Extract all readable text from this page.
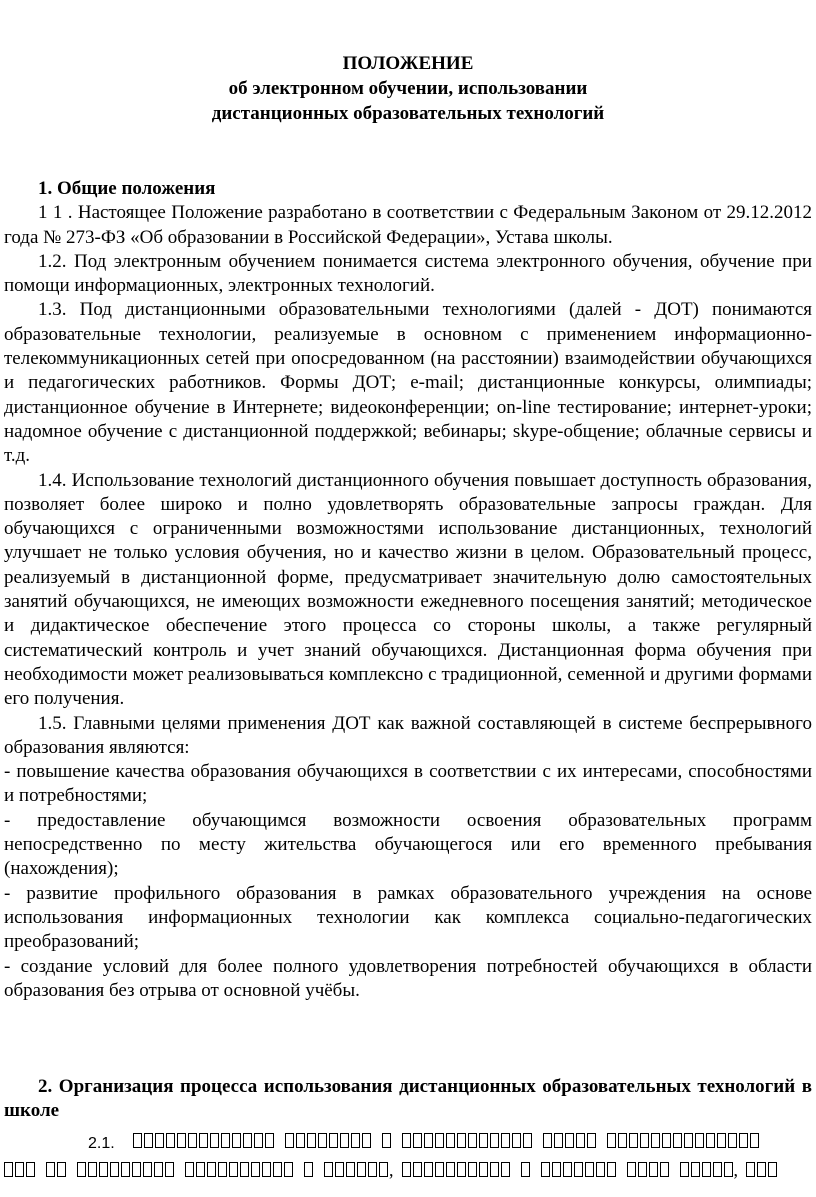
ПОЛОЖЕНИЕ
об электронном обучении, использовании
дистанционных образовательных технологий

1. Общие положения

1 1 . Настоящее Положение разработано в соответствии с Федеральным Законом от 29.12.2012 года № 273-ФЗ «Об образовании в Российской Федерации», Устава школы.

1.2. Под электронным обучением понимается система электронного обучения, обучение при помощи информационных, электронных технологий.

1.3. Под дистанционными образовательными технологиями (далей - ДОТ) понимаются образовательные технологии, реализуемые в основном с применением информационно-телекоммуникационных сетей при опосредованном (на расстоянии) взаимодействии обучающихся и педагогических работников. Формы ДОТ; e-mail; дистанционные конкурсы, олимпиады; дистанционное обучение в Интернете; видеоконференции; on-line тестирование; интернет-уроки; надомное обучение с дистанционной поддержкой; вебинары; skype-общение; облачные сервисы и т.д.

1.4. Использование технологий дистанционного обучения повышает доступность образования, позволяет более широко и полно удовлетворять образовательные запросы граждан. Для обучающихся с ограниченными возможностями использование дистанционных, технологий улучшает не только условия обучения, но и качество жизни в целом. Образовательный процесс, реализуемый в дистанционной форме, предусматривает значительную долю самостоятельных занятий обучающихся, не имеющих возможности ежедневного посещения занятий; методическое и дидактическое обеспечение этого процесса со стороны школы, а также регулярный систематический контроль и учет знаний обучающихся. Дистанционная форма обучения при необходимости может реализовываться комплексно с традиционной, семенной и другими формами его получения.

1.5. Главными целями применения ДОТ как важной составляющей в системе беспрерывного образования являются:

- повышение качества образования обучающихся в соответствии с их интересами, способностями и потребностями;

- предоставление обучающимся возможности освоения образовательных программ непосредственно по месту жительства обучающегося или его временного пребывания (нахождения);

- развитие профильного образования в рамках образовательного учреждения на основе использования информационных технологии как комплекса социально-педагогических преобразований;

- создание условий для более полного удовлетворения потребностей обучающихся в области образования без отрыва от основной учёбы.

2. Организация процесса использования дистанционных образовательных технологий в школе

2.1.
,	,
